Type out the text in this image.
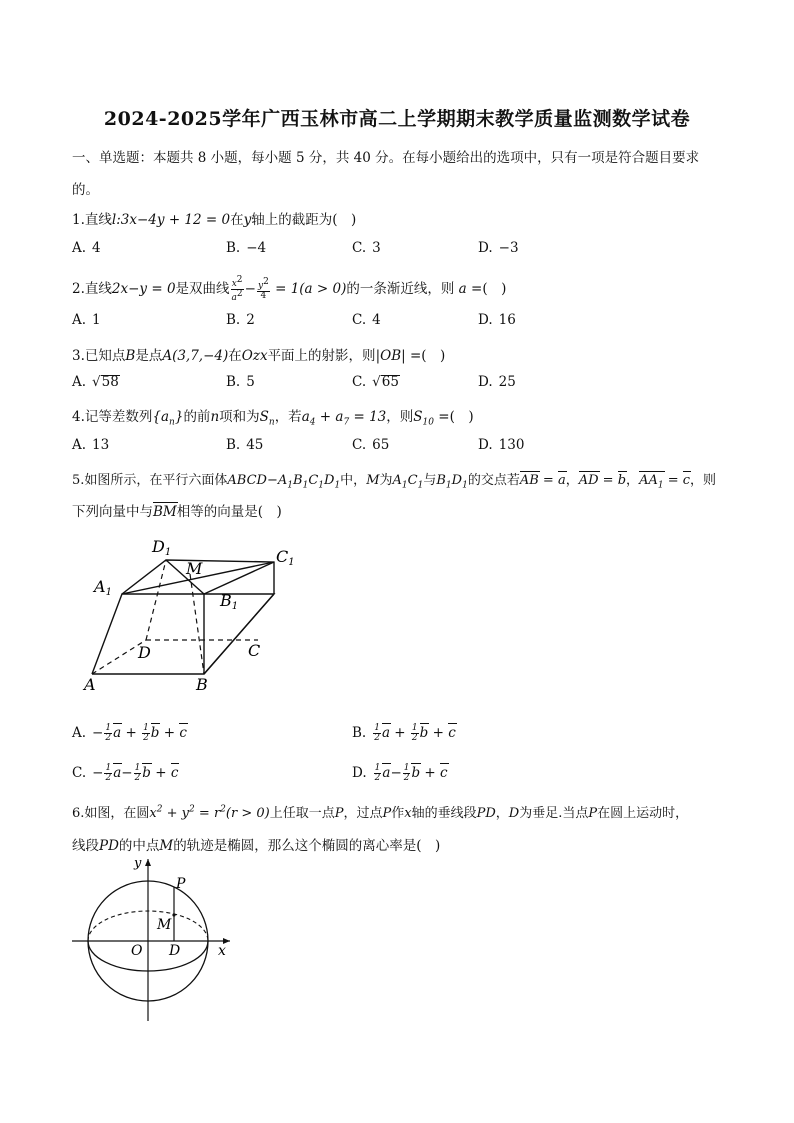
2024-2025学年广西玉林市高二上学期期末教学质量监测数学试卷
一、单选题：本题共 8 小题，每小题 5 分，共 40 分。在每小题给出的选项中，只有一项是符合题目要求
的。
1.直线l:3x−4y + 12 = 0在y轴上的截距为(　)
A. 4	B. −4	C. 3	D. −3
2.直线2x−y = 0是双曲线 $\frac{x^2}{a^2} - \frac{y^2}{4} = 1(a > 0)$的一条渐近线，则 a =(　)
A. 1	B. 2	C. 4	D. 16
3.已知点B是点A(3,7,−4)在Ozx平面上的射影，则|OB| =(　)
A. √58	B. 5	C. √65	D. 25
4.记等差数列$\{a_n\}$的前n项和为$S_n$，若$a_4 + a_7 = 13$，则$S_{10}$ =(　)
A. 13	B. 45	C. 65	D. 130
5.如图所示，在平行六面体$ABCD-A_1B_1C_1D_1$中，M为$A_1C_1$与$B_1D_1$的交点若AB = a，AD = b，$AA_1 = c$，则
下列向量中与BM相等的向量是(　)
D1
M
C1
A1	B1
D	C
A	B
A. − $\frac{1}{2}$ $a + \frac{1}{2}$ b + c	B. $\frac{1}{2}$ $a + \frac{1}{2}$ b + c
C. − $\frac{1}{2} a- \frac{1}{2}$ b + c	D. $\frac{1}{2} a- \frac{1}{2}$ b + c
6.如图，在圆$x^2 + y^2 = r^2(r > 0)$上任取一点P，过点P作x轴的垂线段PD，D为垂足.当点P在圆上运动时，
线段PD的中点M的轨迹是椭圆，那么这个椭圆的离心率是(　)
y
P
M
O D	x
